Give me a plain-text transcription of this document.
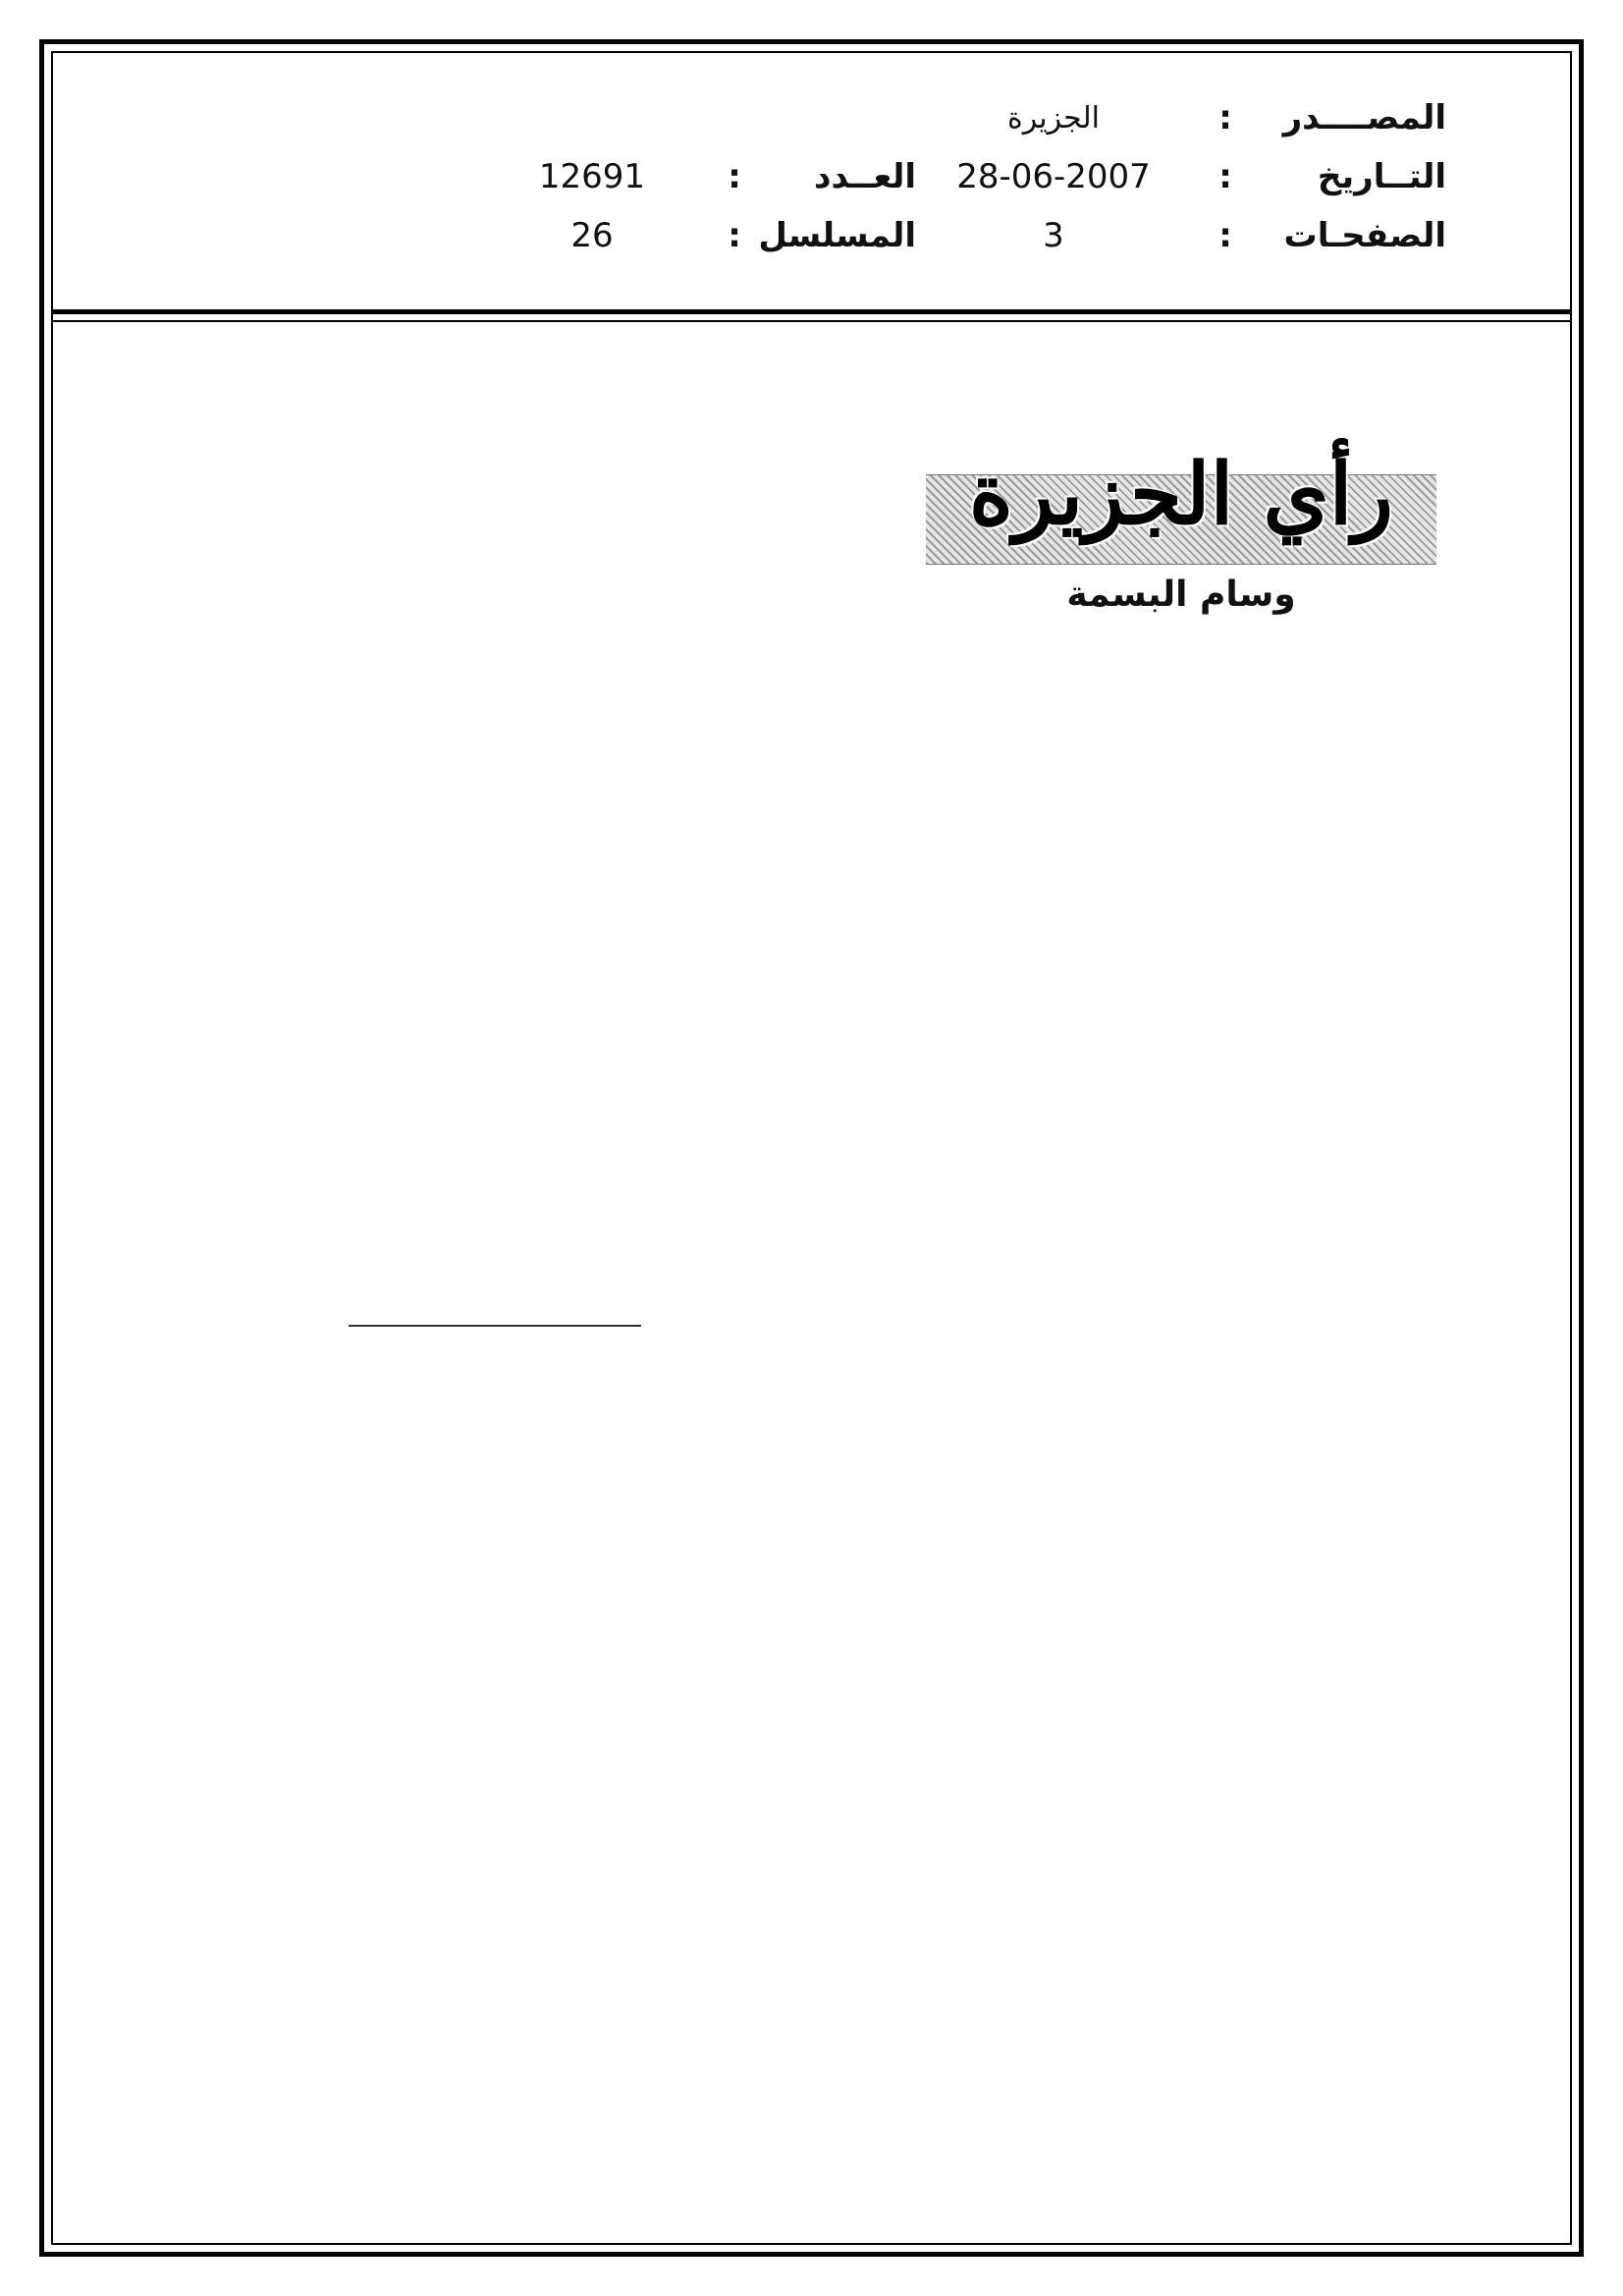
المصــــدر
:
الجزيرة
التــاريخ
:
28-06-2007
العــدد
:
12691
الصفحـات
:
3
المسلسل
:
26
رأي الجزيرة
وسام البسمة
